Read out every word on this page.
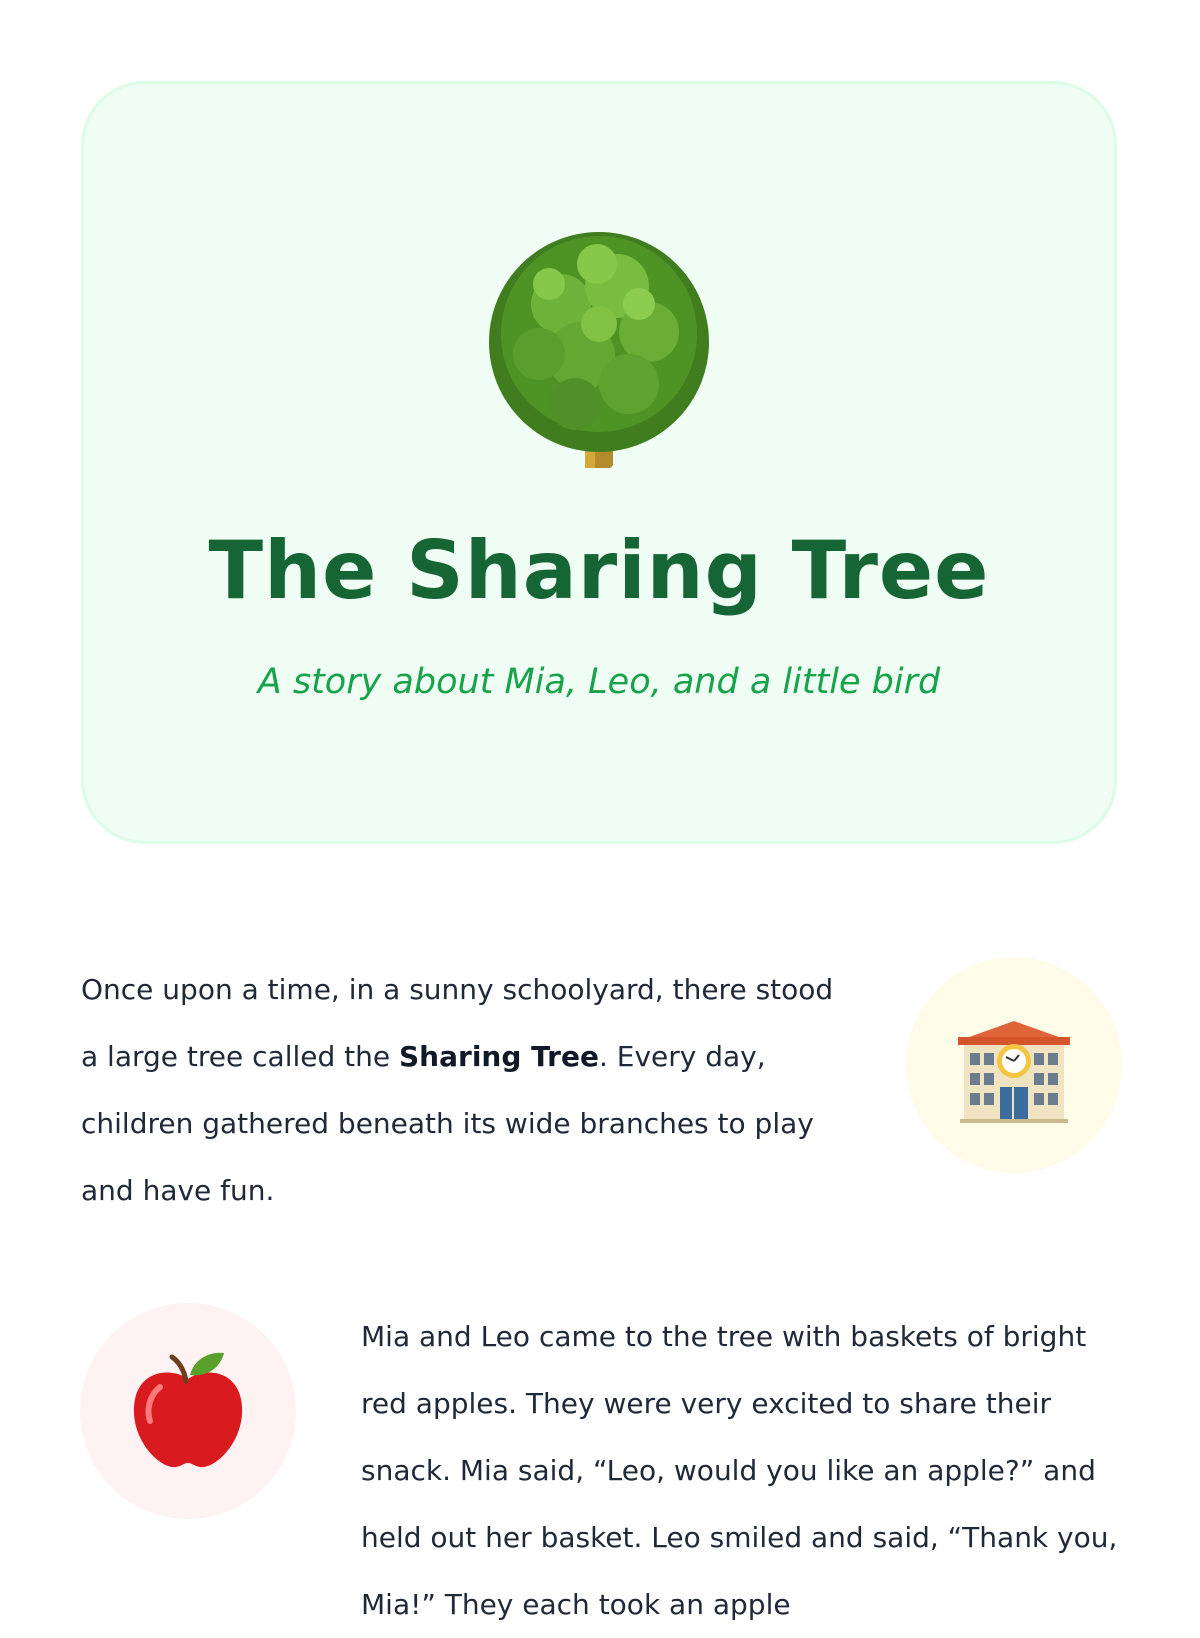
The Sharing Tree

A story about Mia, Leo, and a little bird

Once upon a time, in a sunny schoolyard, there stood a large tree called the Sharing Tree. Every day, children gathered beneath its wide branches to play and have fun.

Mia and Leo came to the tree with baskets of bright red apples. They were very excited to share their snack. Mia said, “Leo, would you like an apple?” and held out her basket. Leo smiled and said, “Thank you, Mia!” They each took an apple
